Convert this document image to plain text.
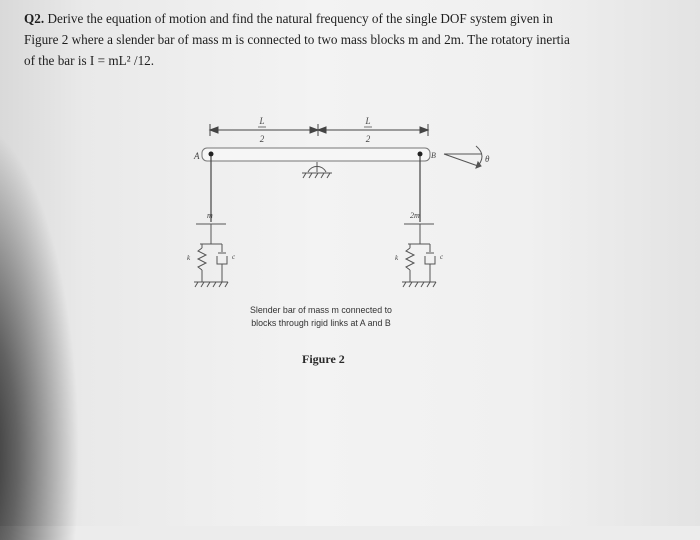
Q2. Derive the equation of motion and find the natural frequency of the single DOF system given in
Figure 2 where a slender bar of mass m is connected to two mass blocks m and 2m. The rotatory inertia
of the bar is I = mL² /12.
L
2
L
2
A	B	θ
m
k	c
2m
k	c
Slender bar of mass m connected to
blocks through rigid links at A and B
Figure 2
